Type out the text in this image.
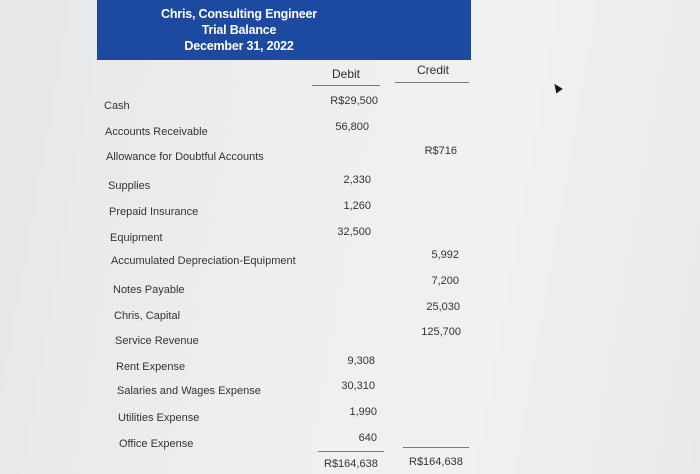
Chris, Consulting Engineer
Trial Balance
December 31, 2022
Debit	Credit
Cash
Accounts Receivable
Allowance for Doubtful Accounts
Supplies
Prepaid Insurance
Equipment
Accumulated Depreciation-Equipment
Notes Payable
Chris, Capital
Service Revenue
Rent Expense
Salaries and Wages Expense
Utilities Expense
Office Expense
R$29,500
56,800
2,330
1,260
32,500
9,308
30,310
1,990
640
R$716
5,992
7,200
25,030
125,700
R$164,638	R$164,638
